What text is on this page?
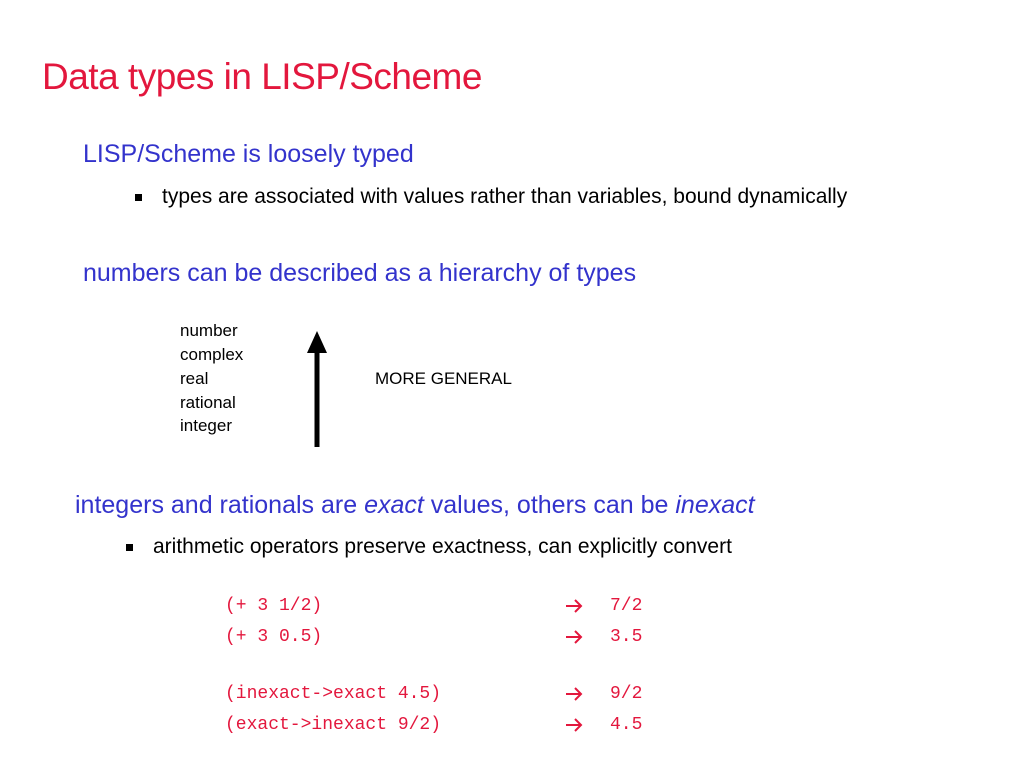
Data types in LISP/Scheme
LISP/Scheme is loosely typed
types are associated with values rather than variables, bound dynamically
numbers can be described as a hierarchy of types
number
complex
real
rational
integer
MORE GENERAL
integers and rationals are exact values, others can be inexact
arithmetic operators preserve exactness, can explicitly convert
(+ 3 1/2)	7/2
(+ 3 0.5)	3.5
(inexact->exact 4.5)	9/2
(exact->inexact 9/2)	4.5
